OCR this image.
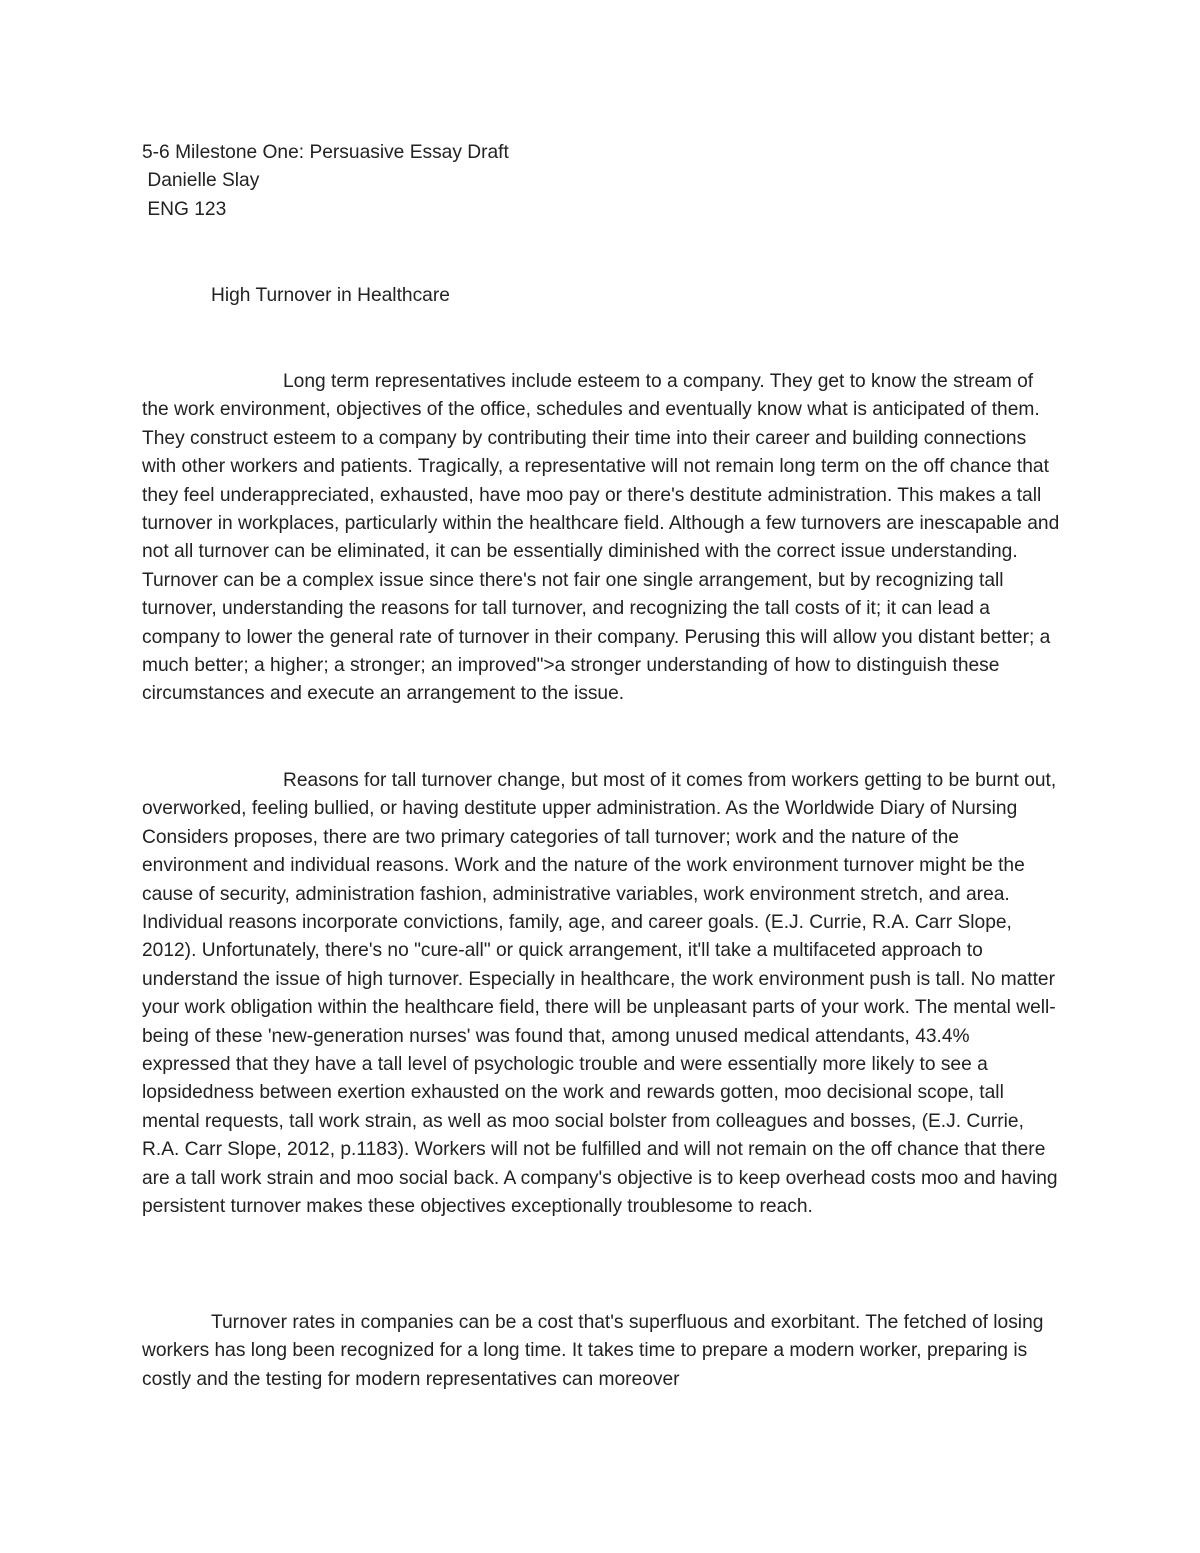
5-6 Milestone One: Persuasive Essay Draft
Danielle Slay
ENG 123
High Turnover in Healthcare

Long term representatives include esteem to a company. They get to know the stream of the work environment, objectives of the office, schedules and eventually know what is anticipated of them. They construct esteem to a company by contributing their time into their career and building connections with other workers and patients. Tragically, a representative will not remain long term on the off chance that they feel underappreciated, exhausted, have moo pay or there's destitute administration. This makes a tall turnover in workplaces, particularly within the healthcare field. Although a few turnovers are inescapable and not all turnover can be eliminated, it can be essentially diminished with the correct issue understanding. Turnover can be a complex issue since there's not fair one single arrangement, but by recognizing tall turnover, understanding the reasons for tall turnover, and recognizing the tall costs of it; it can lead a company to lower the general rate of turnover in their company. Perusing this will allow you distant better; a much better; a higher; a stronger; an improved">a stronger understanding of how to distinguish these circumstances and execute an arrangement to the issue.

Reasons for tall turnover change, but most of it comes from workers getting to be burnt out, overworked, feeling bullied, or having destitute upper administration. As the Worldwide Diary of Nursing Considers proposes, there are two primary categories of tall turnover; work and the nature of the environment and individual reasons. Work and the nature of the work environment turnover might be the cause of security, administration fashion, administrative variables, work environment stretch, and area. Individual reasons incorporate convictions, family, age, and career goals. (E.J. Currie, R.A. Carr Slope, 2012). Unfortunately, there's no "cure-all" or quick arrangement, it'll take a multifaceted approach to understand the issue of high turnover. Especially in healthcare, the work environment push is tall. No matter your work obligation within the healthcare field, there will be unpleasant parts of your work. The mental well-being of these 'new-generation nurses' was found that, among unused medical attendants, 43.4% expressed that they have a tall level of psychologic trouble and were essentially more likely to see a lopsidedness between exertion exhausted on the work and rewards gotten, moo decisional scope, tall mental requests, tall work strain, as well as moo social bolster from colleagues and bosses, (E.J. Currie, R.A. Carr Slope, 2012, p.1183). Workers will not be fulfilled and will not remain on the off chance that there are a tall work strain and moo social back. A company's objective is to keep overhead costs moo and having persistent turnover makes these objectives exceptionally troublesome to reach.

Turnover rates in companies can be a cost that's superfluous and exorbitant. The fetched of losing workers has long been recognized for a long time. It takes time to prepare a modern worker, preparing is costly and the testing for modern representatives can moreover
